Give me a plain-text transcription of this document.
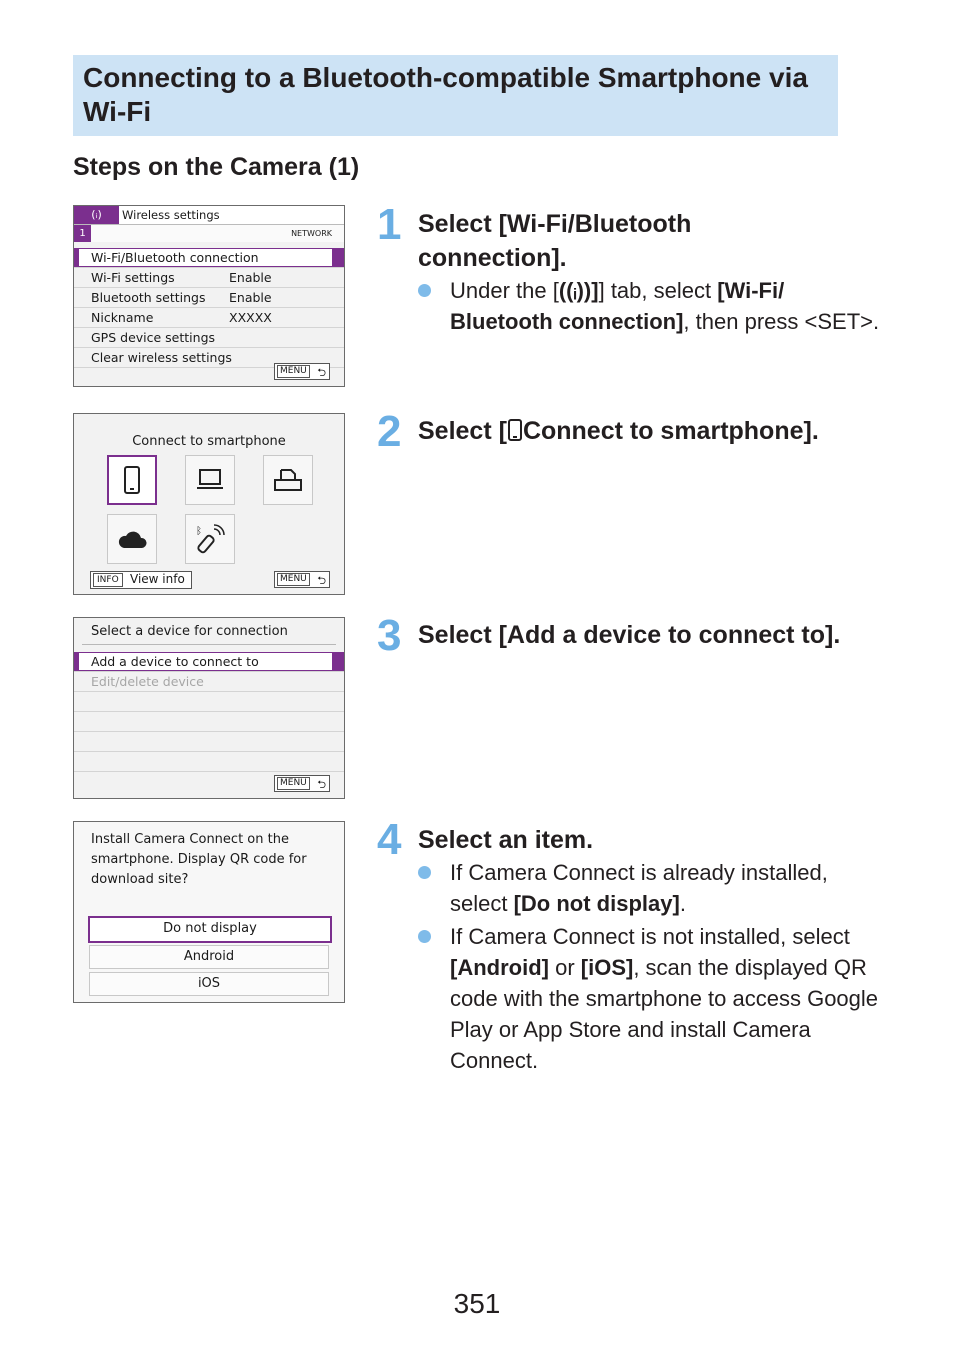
Connecting to a Bluetooth-compatible Smartphone via Wi-Fi
Steps on the Camera (1)
(ᵢ)	Wireless settings
1	NETWORK
Wi-Fi/Bluetooth connection
Wi-Fi settings	Enable
Bluetooth settings Enable
Nickname	XXXXX
GPS device settings
Clear wireless settings
MENU ⮌
Connect to smartphone
ᛒ
INFO View info	MENU ⮌
Select a device for connection
Add a device to connect to
Edit/delete device
MENU ⮌
Install Camera Connect on the smartphone. Display QR code for download site?
Do not display
Android
iOS
1 Select [Wi-Fi/Bluetooth connection].
Under the [((ᵢ))]] tab, select [Wi-Fi/ Bluetooth connection], then press <SET>.
2 Select [ Connect to smartphone].
3 Select [Add a device to connect to].
4 Select an item.
If Camera Connect is already installed, select [Do not display].
If Camera Connect is not installed, select [Android] or [iOS], scan the displayed QR code with the smartphone to access Google Play or App Store and install Camera Connect.
351
